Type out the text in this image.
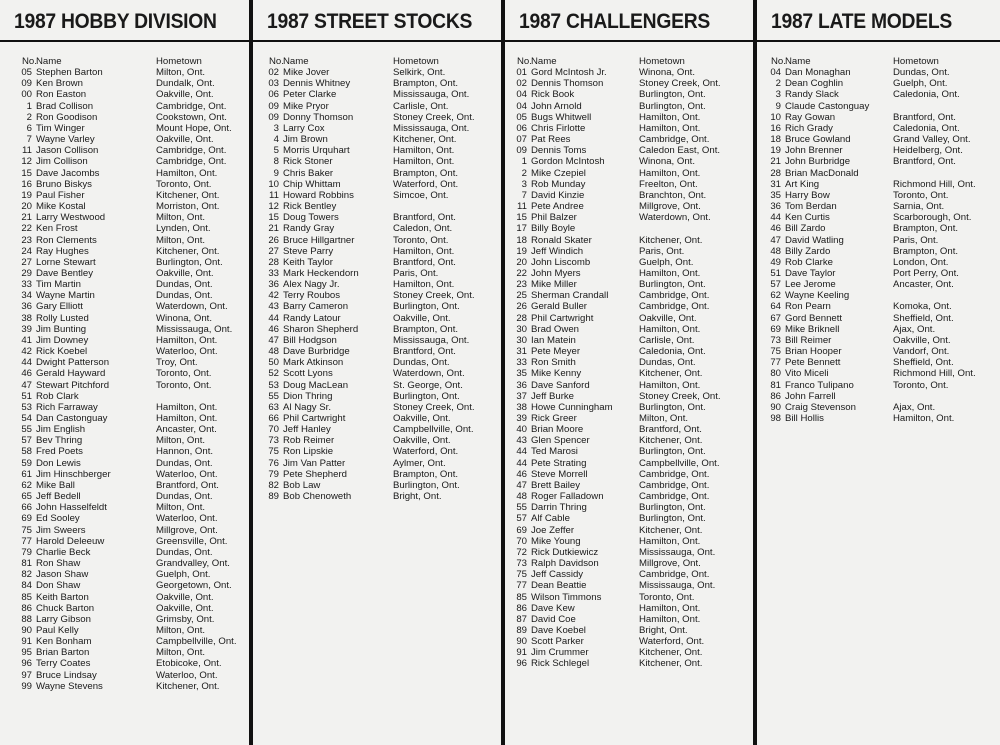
1987 HOBBY DIVISION
No. Name	Hometown
05 Stephen Barton	Milton, Ont.
09 Ken Brown	Dundalk, Ont.
00 Ron Easton	Oakville, Ont.
1 Brad Collison	Cambridge, Ont.
2 Ron Goodison	Cookstown, Ont.
6 Tim Winger	Mount Hope, Ont.
7 Wayne Varley	Oakville, Ont.
11 Jason Collison	Cambridge, Ont.
12 Jim Collison	Cambridge, Ont.
15 Dave Jacombs	Hamilton, Ont.
16 Bruno Biskys	Toronto, Ont.
19 Paul Fisher	Kitchener, Ont.
20 Mike Kostal	Morriston, Ont.
21 Larry Westwood	Milton, Ont.
22 Ken Frost	Lynden, Ont.
23 Ron Clements	Milton, Ont.
24 Ray Hughes	Kitchener, Ont.
27 Lorne Stewart	Burlington, Ont.
29 Dave Bentley	Oakville, Ont.
33 Tim Martin	Dundas, Ont.
34 Wayne Martin	Dundas, Ont.
36 Gary Elliott	Waterdown, Ont.
38 Rolly Lusted	Winona, Ont.
39 Jim Bunting	Mississauga, Ont.
41 Jim Downey	Hamilton, Ont.
42 Rick Koebel	Waterloo, Ont.
44 Dwight Patterson	Troy, Ont.
46 Gerald Hayward	Toronto, Ont.
47 Stewart Pitchford	Toronto, Ont.
51 Rob Clark
53 Rich Farraway	Hamilton, Ont.
54 Dan Castonguay	Hamilton, Ont.
55 Jim English	Ancaster, Ont.
57 Bev Thring	Milton, Ont.
58 Fred Poets	Hannon, Ont.
59 Don Lewis	Dundas, Ont.
61 Jim Hinschberger	Waterloo, Ont.
62 Mike Ball	Brantford, Ont.
65 Jeff Bedell	Dundas, Ont.
66 John Hasselfeldt	Milton, Ont.
69 Ed Sooley	Waterloo, Ont.
75 Jim Sweers	Millgrove, Ont.
77 Harold Deleeuw	Greensville, Ont.
79 Charlie Beck	Dundas, Ont.
81 Ron Shaw	Grandvalley, Ont.
82 Jason Shaw	Guelph, Ont.
84 Don Shaw	Georgetown, Ont.
85 Keith Barton	Oakville, Ont.
86 Chuck Barton	Oakville, Ont.
88 Larry Gibson	Grimsby, Ont.
90 Paul Kelly	Milton, Ont.
91 Ken Bonham	Campbellville, Ont.
95 Brian Barton	Milton, Ont.
96 Terry Coates	Etobicoke, Ont.
97 Bruce Lindsay	Waterloo, Ont.
99 Wayne Stevens	Kitchener, Ont.
1987 STREET STOCKS
No. Name	Hometown
02 Mike Jover	Selkirk, Ont.
03 Dennis Whitney	Brampton, Ont.
06 Peter Clarke	Mississauga, Ont.
09 Mike Pryor	Carlisle, Ont.
09 Donny Thomson	Stoney Creek, Ont.
3 Larry Cox	Mississauga, Ont.
4 Jim Brown	Kitchener, Ont.
5 Morris Urquhart	Hamilton, Ont.
8 Rick Stoner	Hamilton, Ont.
9 Chris Baker	Brampton, Ont.
10 Chip Whittam	Waterford, Ont.
11 Howard Robbins	Simcoe, Ont.
12 Rick Bentley
15 Doug Towers	Brantford, Ont.
21 Randy Gray	Caledon, Ont.
26 Bruce Hillgartner	Toronto, Ont.
27 Steve Parry	Hamilton, Ont.
28 Keith Taylor	Brantford, Ont.
33 Mark Heckendorn	Paris, Ont.
36 Alex Nagy Jr.	Hamilton, Ont.
42 Terry Roubos	Stoney Creek, Ont.
43 Barry Cameron	Burlington, Ont.
44 Randy Latour	Oakville, Ont.
46 Sharon Shepherd	Brampton, Ont.
47 Bill Hodgson	Mississauga, Ont.
48 Dave Burbridge	Brantford, Ont.
50 Mark Atkinson	Dundas, Ont.
52 Scott Lyons	Waterdown, Ont.
53 Doug MacLean	St. George, Ont.
55 Dion Thring	Burlington, Ont.
63 Al Nagy Sr.	Stoney Creek, Ont.
66 Phil Cartwright	Oakville, Ont.
70 Jeff Hanley	Campbellville, Ont.
73 Rob Reimer	Oakville, Ont.
75 Ron Lipskie	Waterford, Ont.
76 Jim Van Patter	Aylmer, Ont.
79 Pete Shepherd	Brampton, Ont.
82 Bob Law	Burlington, Ont.
89 Bob Chenoweth	Bright, Ont.
1987 CHALLENGERS
No. Name	Hometown
01 Gord McIntosh Jr.	Winona, Ont.
02 Dennis Thomson	Stoney Creek, Ont.
04 Rick Book	Burlington, Ont.
04 John Arnold	Burlington, Ont.
05 Bugs Whitwell	Hamilton, Ont.
06 Chris Firlotte	Hamilton, Ont.
07 Pat Rees	Cambridge, Ont.
09 Dennis Toms	Caledon East, Ont.
1 Gordon McIntosh	Winona, Ont.
2 Mike Czepiel	Hamilton, Ont.
3 Rob Munday	Freelton, Ont.
7 David Kinzie	Branchton, Ont.
11 Pete Andree	Millgrove, Ont.
15 Phil Balzer	Waterdown, Ont.
17 Billy Boyle
18 Ronald Skater	Kitchener, Ont.
19 Jeff Windich	Paris, Ont.
20 John Liscomb	Guelph, Ont.
22 John Myers	Hamilton, Ont.
23 Mike Miller	Burlington, Ont.
25 Sherman Crandall	Cambridge, Ont.
26 Gerald Buller	Cambridge, Ont.
28 Phil Cartwright	Oakville, Ont.
30 Brad Owen	Hamilton, Ont.
30 Ian Matein	Carlisle, Ont.
31 Pete Meyer	Caledonia, Ont.
33 Ron Smith	Dundas, Ont.
35 Mike Kenny	Kitchener, Ont.
36 Dave Sanford	Hamilton, Ont.
37 Jeff Burke	Stoney Creek, Ont.
38 Howe Cunningham	Burlington, Ont.
39 Rick Greer	Milton, Ont.
40 Brian Moore	Brantford, Ont.
43 Glen Spencer	Kitchener, Ont.
44 Ted Marosi	Burlington, Ont.
44 Pete Strating	Campbellville, Ont.
46 Steve Morrell	Cambridge, Ont.
47 Brett Bailey	Cambridge, Ont.
48 Roger Falladown	Cambridge, Ont.
55 Darrin Thring	Burlington, Ont.
57 Alf Cable	Burlington, Ont.
69 Joe Zeffer	Kitchener, Ont.
70 Mike Young	Hamilton, Ont.
72 Rick Dutkiewicz	Mississauga, Ont.
73 Ralph Davidson	Millgrove, Ont.
75 Jeff Cassidy	Cambridge, Ont.
77 Dean Beattie	Mississauga, Ont.
85 Wilson Timmons	Toronto, Ont.
86 Dave Kew	Hamilton, Ont.
87 David Coe	Hamilton, Ont.
89 Dave Koebel	Bright, Ont.
90 Scott Parker	Waterford, Ont.
91 Jim Crummer	Kitchener, Ont.
96 Rick Schlegel	Kitchener, Ont.
1987 LATE MODELS
No. Name	Hometown
04 Dan Monaghan	Dundas, Ont.
2 Dean Coghlin	Guelph, Ont.
3 Randy Slack	Caledonia, Ont.
9 Claude Castonguay
10 Ray Gowan	Brantford, Ont.
16 Rich Grady	Caledonia, Ont.
18 Bruce Gowland	Grand Valley, Ont.
19 John Brenner	Heidelberg, Ont.
21 John Burbridge	Brantford, Ont.
28 Brian MacDonald
31 Art King	Richmond Hill, Ont.
35 Harry Bow	Toronto, Ont.
36 Tom Berdan	Sarnia, Ont.
44 Ken Curtis	Scarborough, Ont.
46 Bill Zardo	Brampton, Ont.
47 David Watling	Paris, Ont.
48 Billy Zardo	Brampton, Ont.
49 Rob Clarke	London, Ont.
51 Dave Taylor	Port Perry, Ont.
57 Lee Jerome	Ancaster, Ont.
62 Wayne Keeling
64 Ron Pearn	Komoka, Ont.
67 Gord Bennett	Sheffield, Ont.
69 Mike Briknell	Ajax, Ont.
73 Bill Reimer	Oakville, Ont.
75 Brian Hooper	Vandorf, Ont.
77 Pete Bennett	Sheffield, Ont.
80 Vito Miceli	Richmond Hill, Ont.
81 Franco Tulipano	Toronto, Ont.
86 John Farrell
90 Craig Stevenson	Ajax, Ont.
98 Bill Hollis	Hamilton, Ont.
